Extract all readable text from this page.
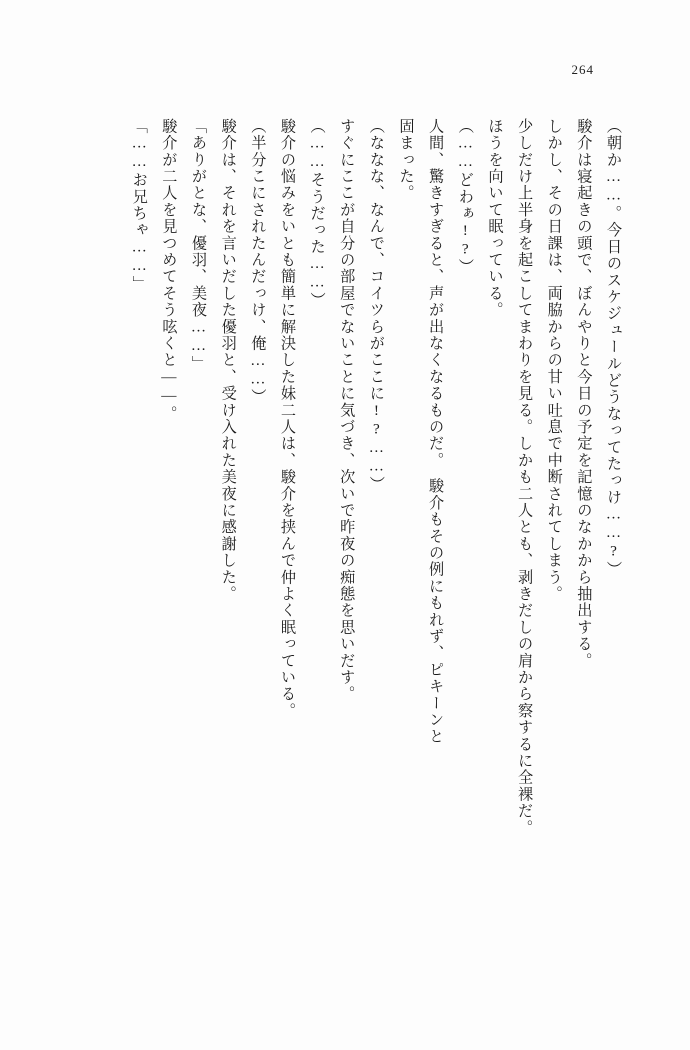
264
（朝か……。今日のスケジュールどうなってたっけ……?）
駿介は寝起きの頭で、ぼんやりと今日の予定を記憶のなかから抽出する。
しかし、その日課は、両脇からの甘い吐息で中断されてしまう。
少しだけ上半身を起こしてまわりを見る。しかも二人とも、剥きだしの肩から察するに全裸だ。
ほうを向いて眠っている。
（……どわぁ!?）
人間、驚きすぎると、声が出なくなるものだ。　駿介もその例にもれず、ピキーンと
固まった。
（ななな、なんで、コイツらがここに!?……）
すぐにここが自分の部屋でないことに気づき、次いで昨夜の痴態を思いだす。
（……そうだった……）
駿介の悩みをいとも簡単に解決した妹二人は、駿介を挟んで仲よく眠っている。
（半分こにされたんだっけ、俺……）
駿介は、それを言いだした優羽と、受け入れた美夜に感謝した。
「ありがとな、優羽、美夜……」
駿介が二人を見つめてそう呟くと——。
「……お兄ちゃ……」
